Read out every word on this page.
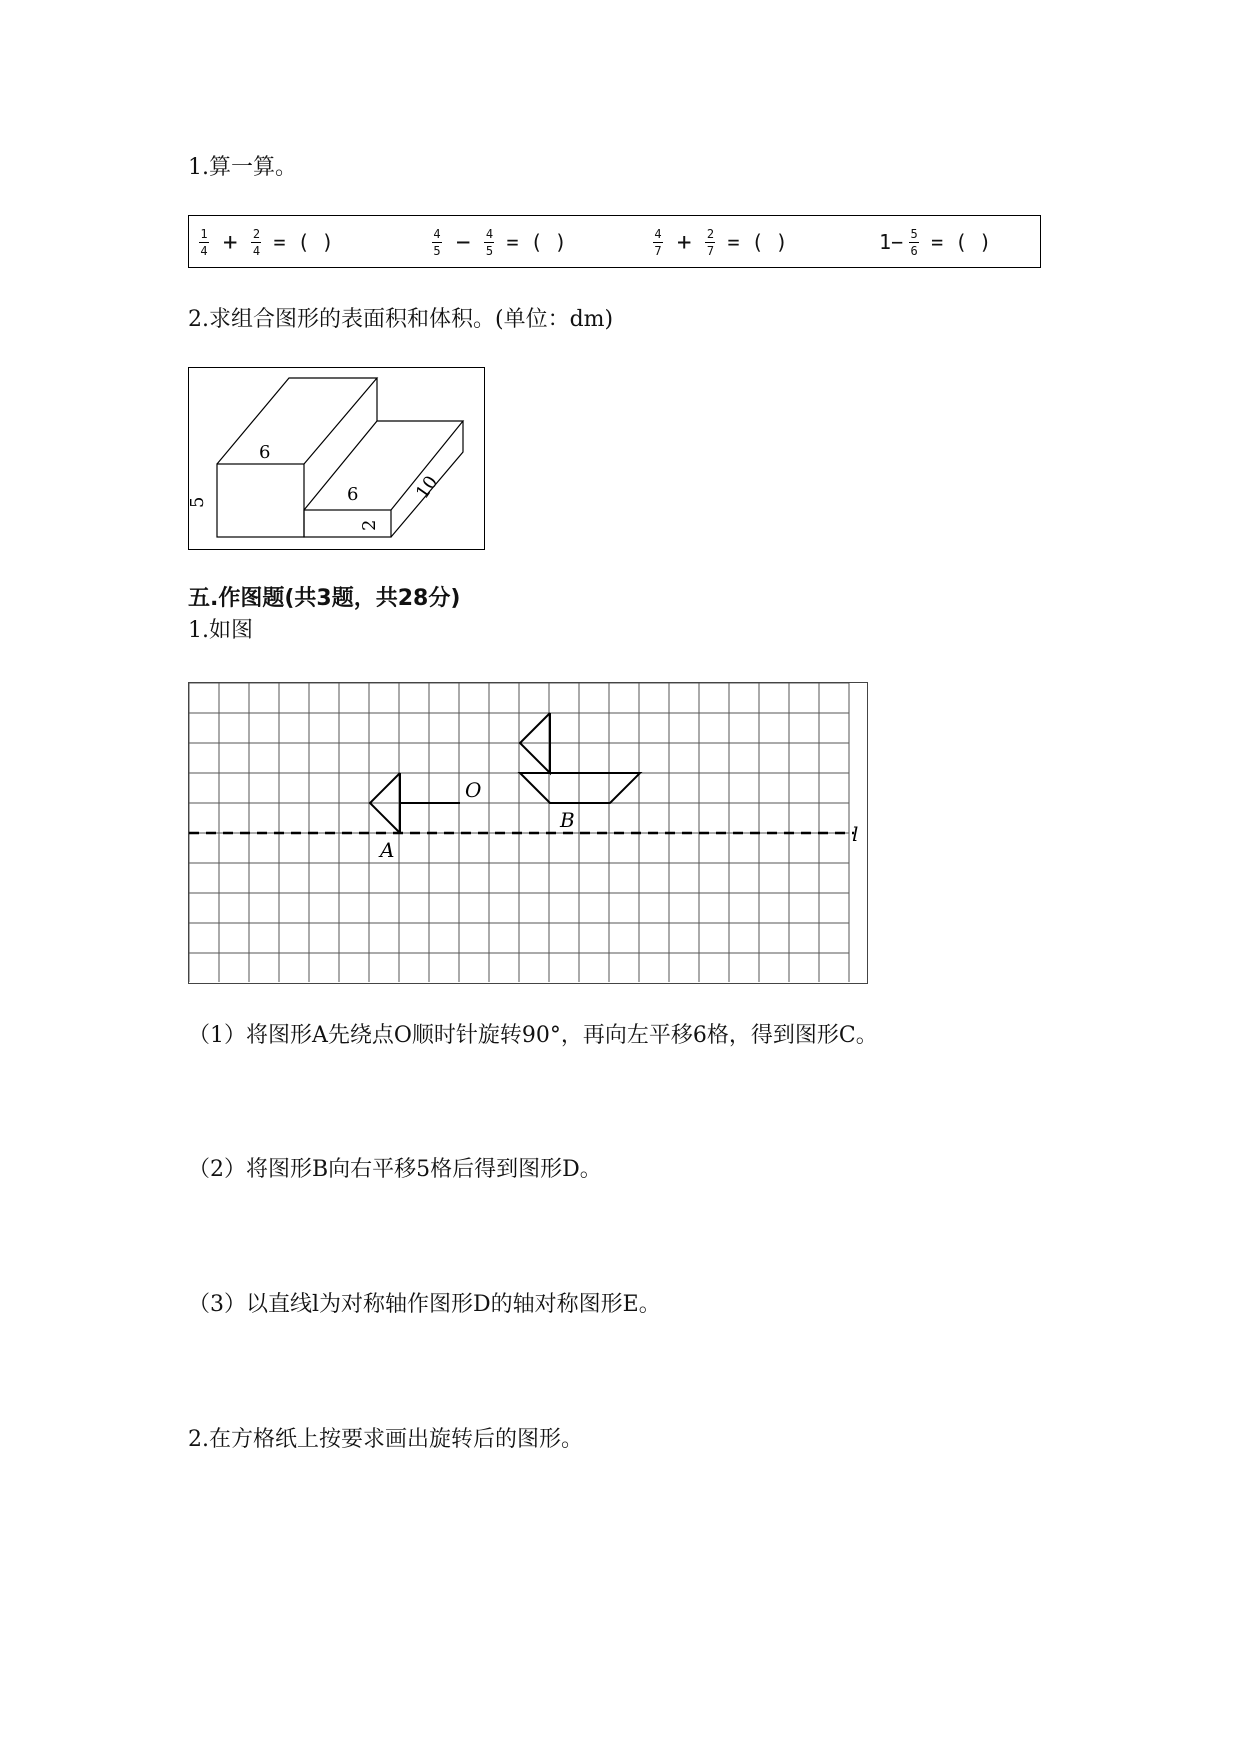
1.算一算。
$\frac{1}{4} + \frac{2}{4}$ = ( )	$\frac{4}{5} - \frac{4}{5}$ = ( )	$\frac{4}{7} + \frac{2}{7}$ = ( )	$1- \frac{5}{6}$ = ( )
2.求组合图形的表面积和体积。(单位：dm)
6
5	6
2
10
五.作图题(共3题，共28分)
1.如图
O
A
B
l
（1）将图形A先绕点O顺时针旋转90°，再向左平移6格，得到图形C。
（2）将图形B向右平移5格后得到图形D。
（3）以直线l为对称轴作图形D的轴对称图形E。
2.在方格纸上按要求画出旋转后的图形。
